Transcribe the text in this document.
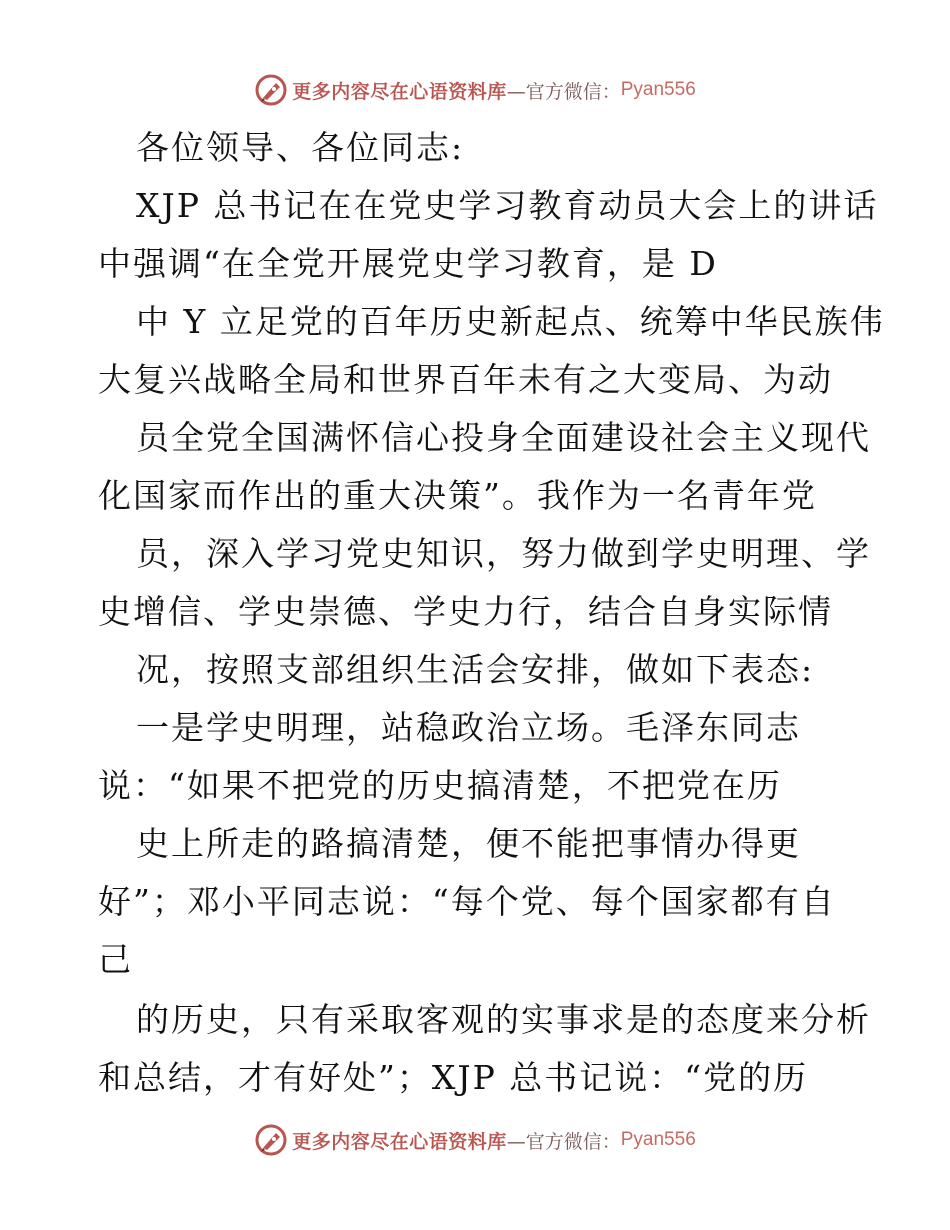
更多内容尽在心语资料库 —官方微信： Pyan556
各位领导、各位同志:
XJP 总书记在在党史学习教育动员大会上的讲话
中强调“在全党开展党史学习教育，是 D
中 Y 立足党的百年历史新起点、统筹中华民族伟
大复兴战略全局和世界百年未有之大变局、为动
员全党全国满怀信心投身全面建设社会主义现代
化国家而作出的重大决策”。我作为一名青年党
员，深入学习党史知识，努力做到学史明理、学
史增信、学史崇德、学史力行，结合自身实际情
况，按照支部组织生活会安排，做如下表态:
一是学史明理，站稳政治立场。毛泽东同志
说：“如果不把党的历史搞清楚，不把党在历
史上所走的路搞清楚，便不能把事情办得更
好”；邓小平同志说：“每个党、每个国家都有自
己
的历史，只有采取客观的实事求是的态度来分析
和总结，才有好处”；XJP 总书记说：“党的历
更多内容尽在心语资料库 —官方微信： Pyan556
